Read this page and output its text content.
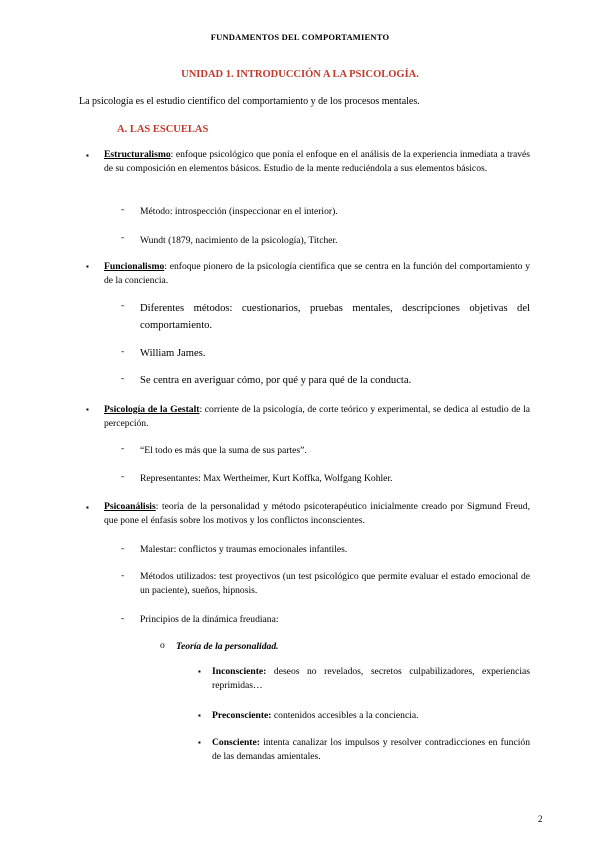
FUNDAMENTOS DEL COMPORTAMIENTO
UNIDAD 1. INTRODUCCIÓN A LA PSICOLOGÍA.
La psicología es el estudio científico del comportamiento y de los procesos mentales.
A. LAS ESCUELAS
▪ Estructuralismo: enfoque psicológico que ponía el enfoque en el análisis de la experiencia inmediata a través de su composición en elementos básicos. Estudio de la mente reduciéndola a sus elementos básicos.
- Método: introspección (inspeccionar en el interior).
- Wundt (1879, nacimiento de la psicología), Titcher.
▪ Funcionalismo: enfoque pionero de la psicología científica que se centra en la función del comportamiento y de la conciencia.
- Diferentes métodos: cuestionarios, pruebas mentales, descripciones objetivas del comportamiento.
- William James.
- Se centra en averiguar cómo, por qué y para qué de la conducta.
▪ Psicología de la Gestalt: corriente de la psicología, de corte teórico y experimental, se dedica al estudio de la percepción.
- “El todo es más que la suma de sus partes”.
- Representantes: Max Wertheimer, Kurt Koffka, Wolfgang Kohler.
▪ Psicoanálisis: teoría de la personalidad y método psicoterapéutico inicialmente creado por Sigmund Freud, que pone el énfasis sobre los motivos y los conflictos inconscientes.
- Malestar: conflictos y traumas emocionales infantiles.
- Métodos utilizados: test proyectivos (un test psicológico que permite evaluar el estado emocional de un paciente), sueños, hipnosis.
- Principios de la dinámica freudiana:
o Teoría de la personalidad.
▪ Inconsciente: deseos no revelados, secretos culpabilizadores, experiencias reprimidas…
▪ Preconsciente: contenidos accesibles a la conciencia.
▪ Consciente: intenta canalizar los impulsos y resolver contradicciones en función de las demandas amientales.
2
